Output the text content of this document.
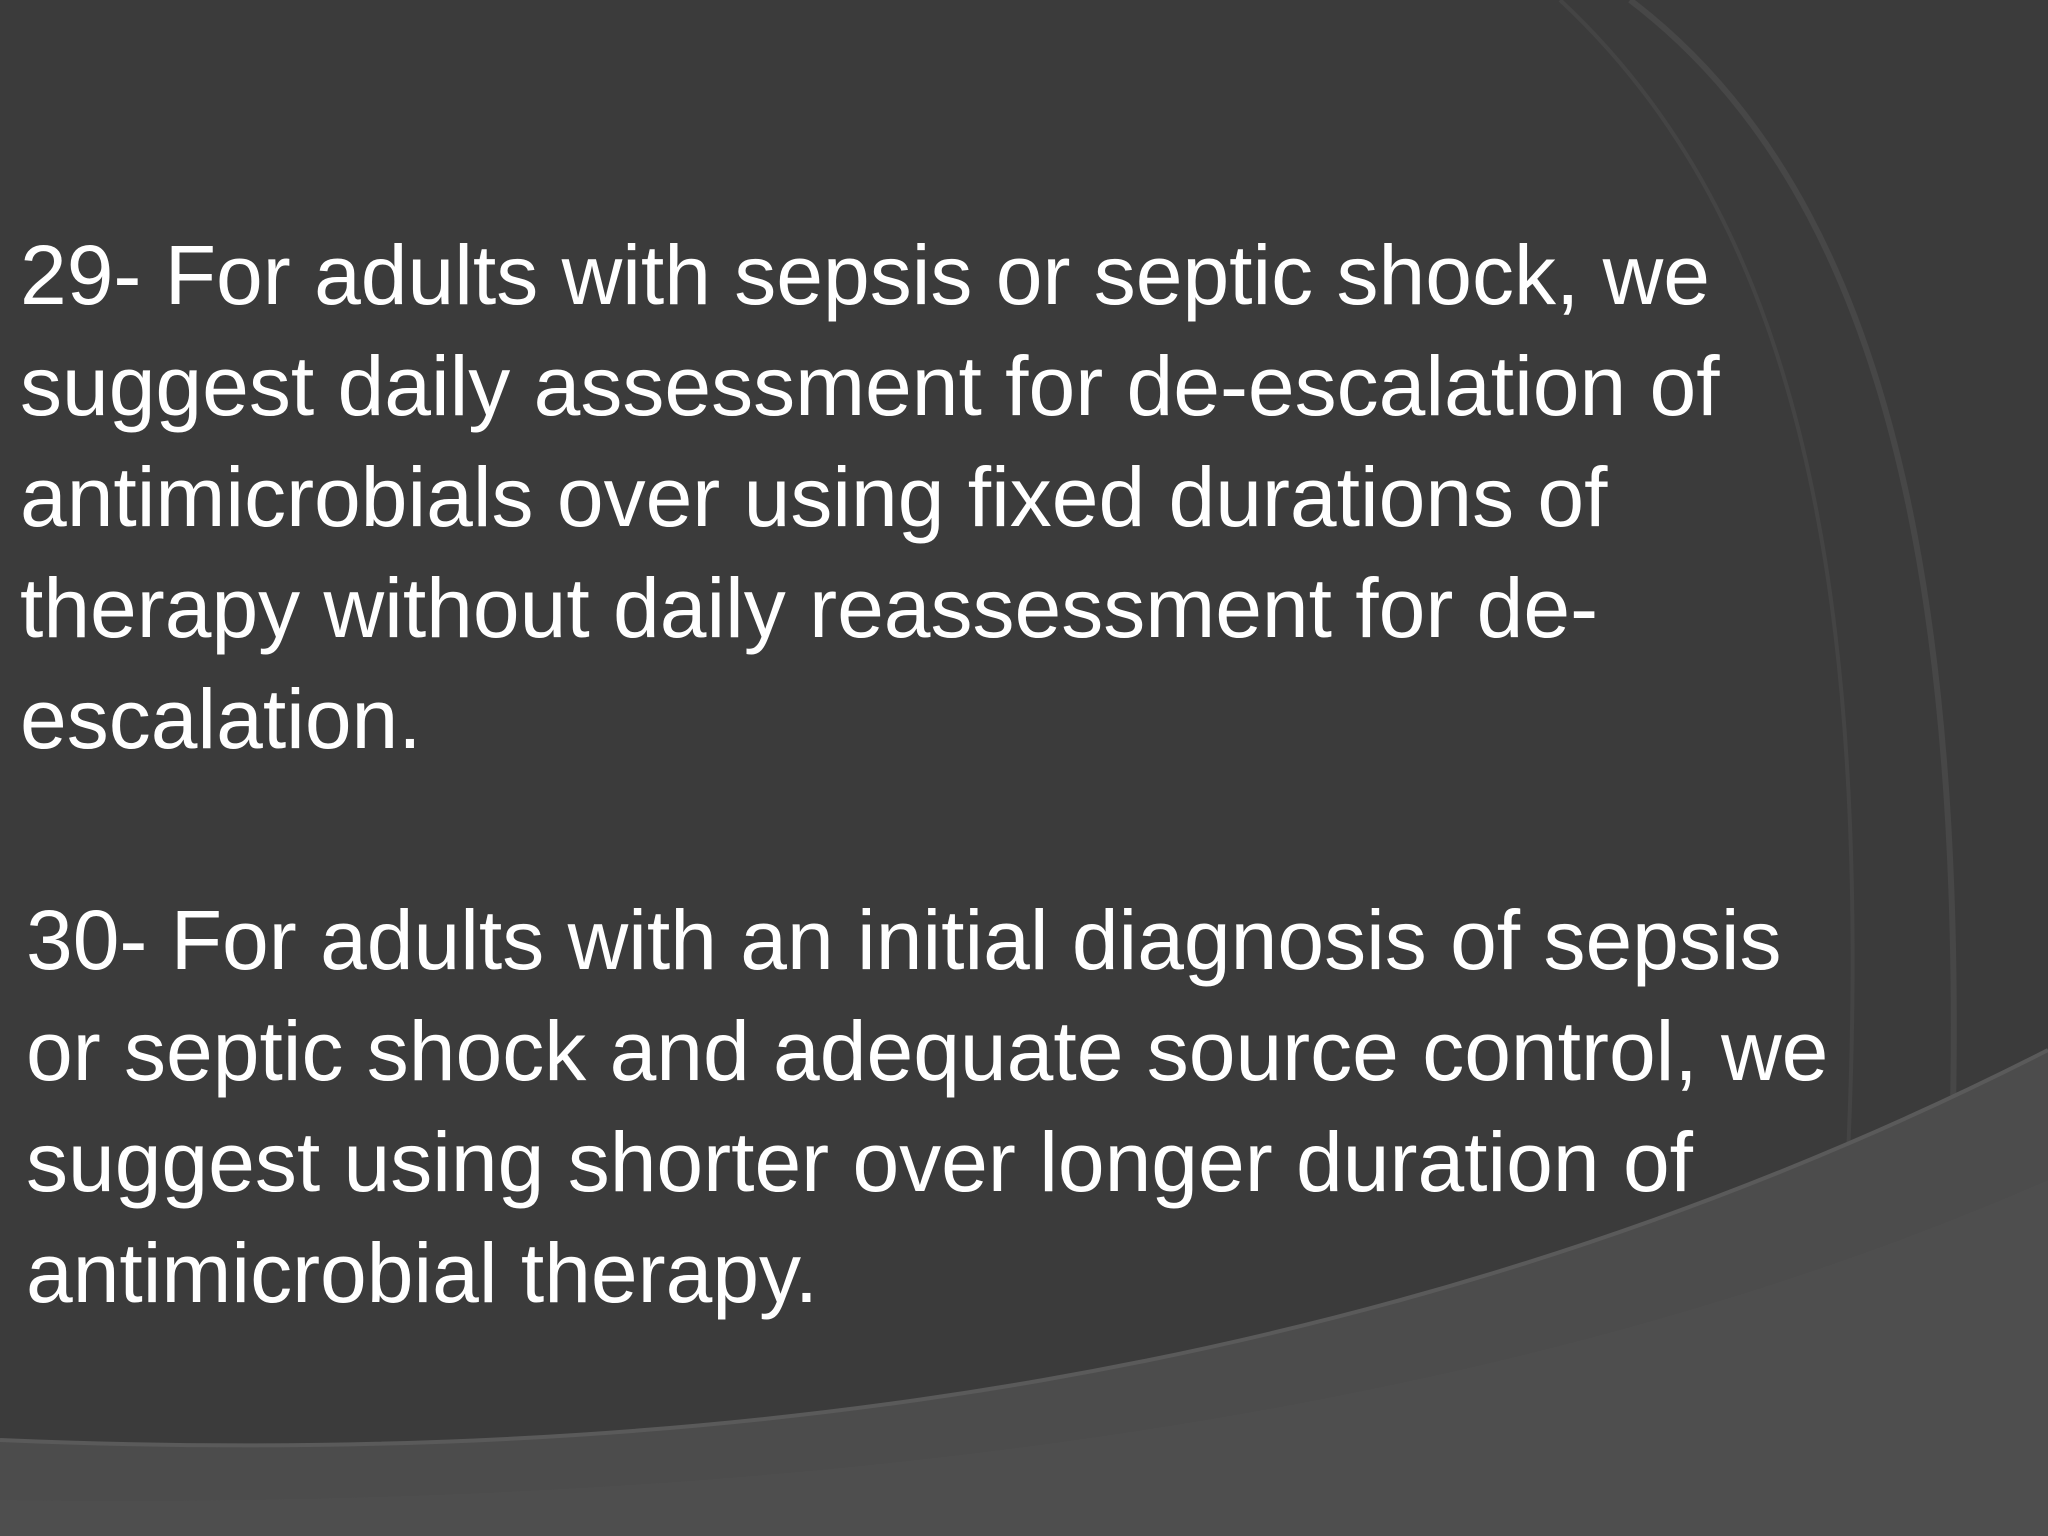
29- For adults with sepsis or septic shock, we
suggest daily assessment for de-escalation of
antimicrobials over using fixed durations of
therapy without daily reassessment for de-
escalation.

30- For adults with an initial diagnosis of sepsis
or septic shock and adequate source control, we
suggest using shorter over longer duration of
antimicrobial therapy.
